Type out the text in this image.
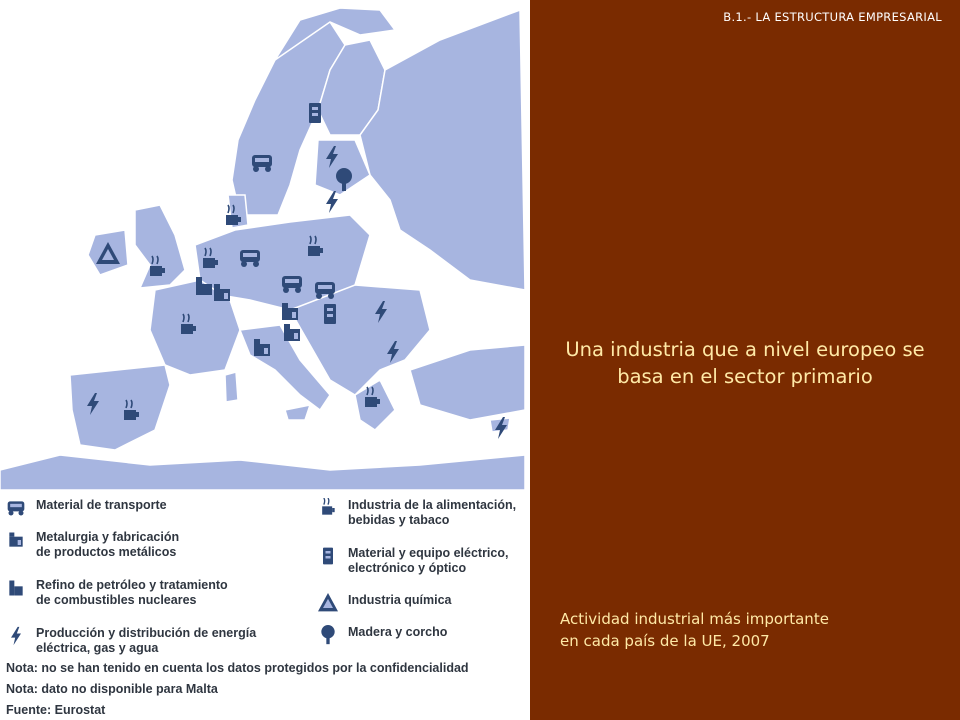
Material de transporte
Metalurgia y fabricación
de productos metálicos
Refino de petróleo y tratamiento
de combustibles nucleares
Producción y distribución de energía
eléctrica, gas y agua
Industria de la alimentación,
bebidas y tabaco
Material y equipo eléctrico,
electrónico y óptico
Industria química
Madera y corcho
Nota: no se han tenido en cuenta los datos protegidos por la confidencialidad
Nota: dato no disponible para Malta
Fuente: Eurostat
B.1.- LA ESTRUCTURA EMPRESARIAL
Una industria que a nivel europeo se basa en el sector primario
Actividad industrial más importante
en cada país de la UE, 2007
